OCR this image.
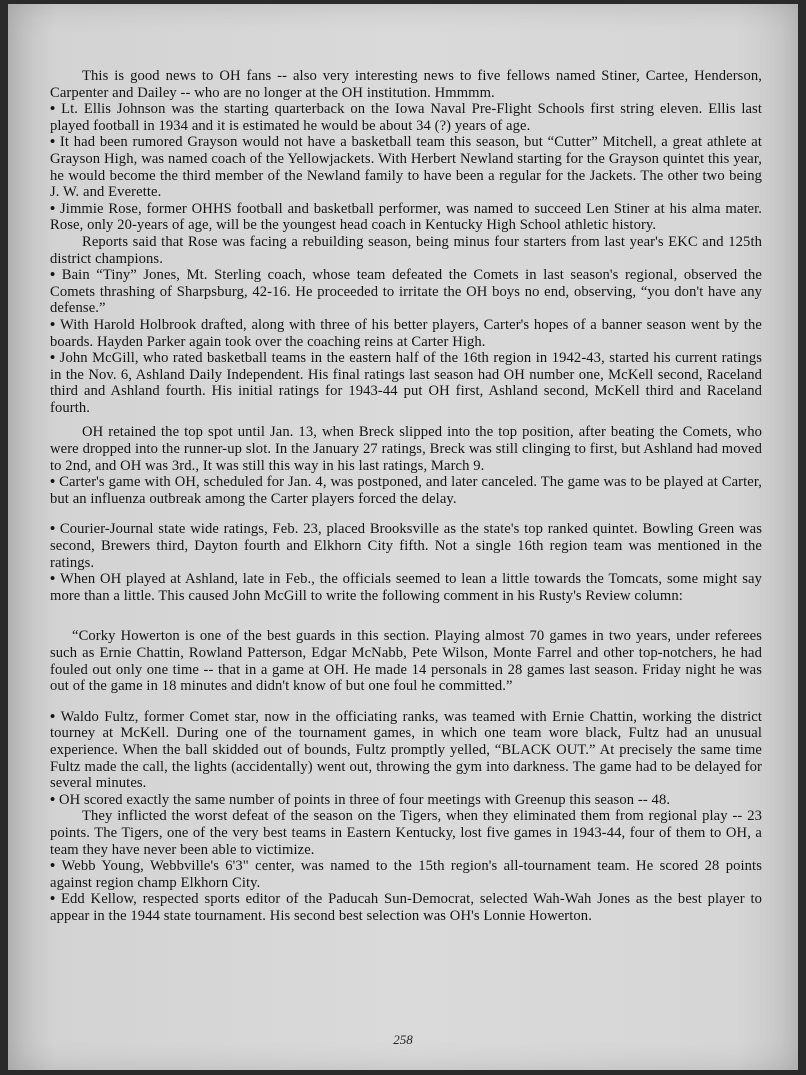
This is good news to OH fans -- also very interesting news to five fellows named Stiner, Cartee, Henderson, Carpenter and Dailey -- who are no longer at the OH institution. Hmmmm.

• Lt. Ellis Johnson was the starting quarterback on the Iowa Naval Pre-Flight Schools first string eleven. Ellis last played football in 1934 and it is estimated he would be about 34 (?) years of age.

• It had been rumored Grayson would not have a basketball team this season, but “Cutter” Mitchell, a great athlete at Grayson High, was named coach of the Yellowjackets. With Herbert Newland starting for the Grayson quintet this year, he would become the third member of the Newland family to have been a regular for the Jackets. The other two being J. W. and Everette.

• Jimmie Rose, former OHHS football and basketball performer, was named to succeed Len Stiner at his alma mater. Rose, only 20-years of age, will be the youngest head coach in Kentucky High School athletic history.

Reports said that Rose was facing a rebuilding season, being minus four starters from last year's EKC and 125th district champions.

• Bain “Tiny” Jones, Mt. Sterling coach, whose team defeated the Comets in last season's regional, observed the Comets thrashing of Sharpsburg, 42-16. He proceeded to irritate the OH boys no end, observing, “you don't have any defense.”

• With Harold Holbrook drafted, along with three of his better players, Carter's hopes of a banner season went by the boards. Hayden Parker again took over the coaching reins at Carter High.

• John McGill, who rated basketball teams in the eastern half of the 16th region in 1942-43, started his current ratings in the Nov. 6, Ashland Daily Independent. His final ratings last season had OH number one, McKell second, Raceland third and Ashland fourth. His initial ratings for 1943-44 put OH first, Ashland second, McKell third and Raceland fourth.

OH retained the top spot until Jan. 13, when Breck slipped into the top position, after beating the Comets, who were dropped into the runner-up slot. In the January 27 ratings, Breck was still clinging to first, but Ashland had moved to 2nd, and OH was 3rd., It was still this way in his last ratings, March 9.

• Carter's game with OH, scheduled for Jan. 4, was postponed, and later canceled. The game was to be played at Carter, but an influenza outbreak among the Carter players forced the delay.

• Courier-Journal state wide ratings, Feb. 23, placed Brooksville as the state's top ranked quintet. Bowling Green was second, Brewers third, Dayton fourth and Elkhorn City fifth. Not a single 16th region team was mentioned in the ratings.

• When OH played at Ashland, late in Feb., the officials seemed to lean a little towards the Tomcats, some might say more than a little. This caused John McGill to write the following comment in his Rusty's Review column:

“Corky Howerton is one of the best guards in this section. Playing almost 70 games in two years, under referees such as Ernie Chattin, Rowland Patterson, Edgar McNabb, Pete Wilson, Monte Farrel and other top-notchers, he had fouled out only one time -- that in a game at OH. He made 14 personals in 28 games last season. Friday night he was out of the game in 18 minutes and didn't know of but one foul he committed.”

• Waldo Fultz, former Comet star, now in the officiating ranks, was teamed with Ernie Chattin, working the district tourney at McKell. During one of the tournament games, in which one team wore black, Fultz had an unusual experience. When the ball skidded out of bounds, Fultz promptly yelled, “BLACK OUT.” At precisely the same time Fultz made the call, the lights (accidentally) went out, throwing the gym into darkness. The game had to be delayed for several minutes.

• OH scored exactly the same number of points in three of four meetings with Greenup this season -- 48.

They inflicted the worst defeat of the season on the Tigers, when they eliminated them from regional play -- 23 points. The Tigers, one of the very best teams in Eastern Kentucky, lost five games in 1943-44, four of them to OH, a team they have never been able to victimize.

• Webb Young, Webbville's 6'3" center, was named to the 15th region's all-tournament team. He scored 28 points against region champ Elkhorn City.

• Edd Kellow, respected sports editor of the Paducah Sun-Democrat, selected Wah-Wah Jones as the best player to appear in the 1944 state tournament. His second best selection was OH's Lonnie Howerton.

258
